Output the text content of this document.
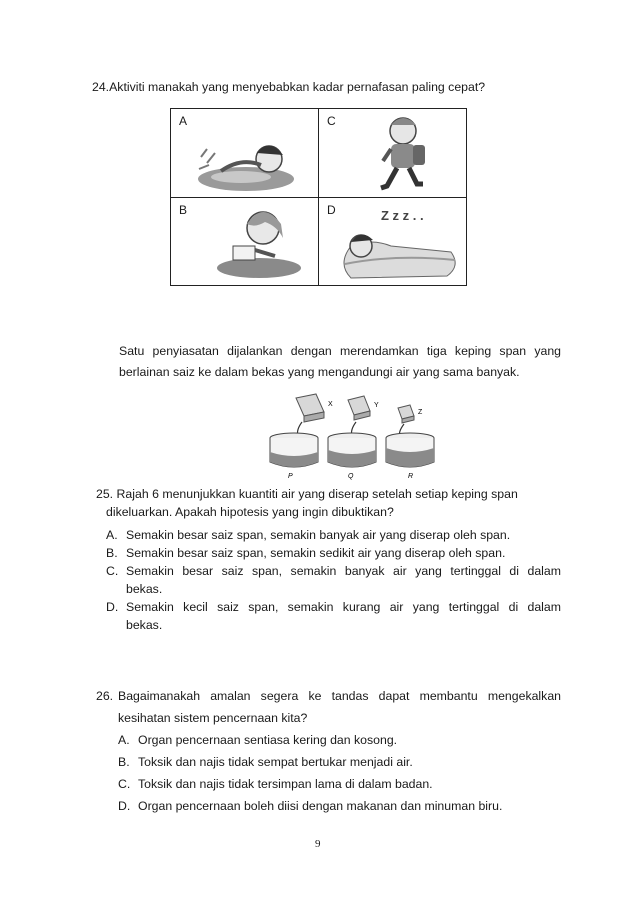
24.Aktiviti manakah yang menyebabkan kadar pernafasan paling cepat?
A	C

B	D Z z z . .
Satu penyiasatan dijalankan dengan merendamkan tiga keping span yang
berlainan saiz ke dalam bekas yang mengandungi air yang sama banyak.
X	Y
Z
P	Q	R
25. Rajah 6 menunjukkan kuantiti air yang diserap setelah setiap keping span
dikeluarkan. Apakah hipotesis yang ingin dibuktikan?
A. Semakin besar saiz span, semakin banyak air yang diserap oleh span.
B. Semakin besar saiz span, semakin sedikit air yang diserap oleh span.
C. Semakin besar saiz span, semakin banyak air yang tertinggal di dalam
bekas.
D. Semakin kecil saiz span, semakin kurang air yang tertinggal di dalam
bekas.
26. Bagaimanakah amalan segera ke tandas dapat membantu mengekalkan
kesihatan sistem pencernaan kita?
A. Organ pencernaan sentiasa kering dan kosong.
B. Toksik dan najis tidak sempat bertukar menjadi air.
C. Toksik dan najis tidak tersimpan lama di dalam badan.
D. Organ pencernaan boleh diisi dengan makanan dan minuman biru.
9
